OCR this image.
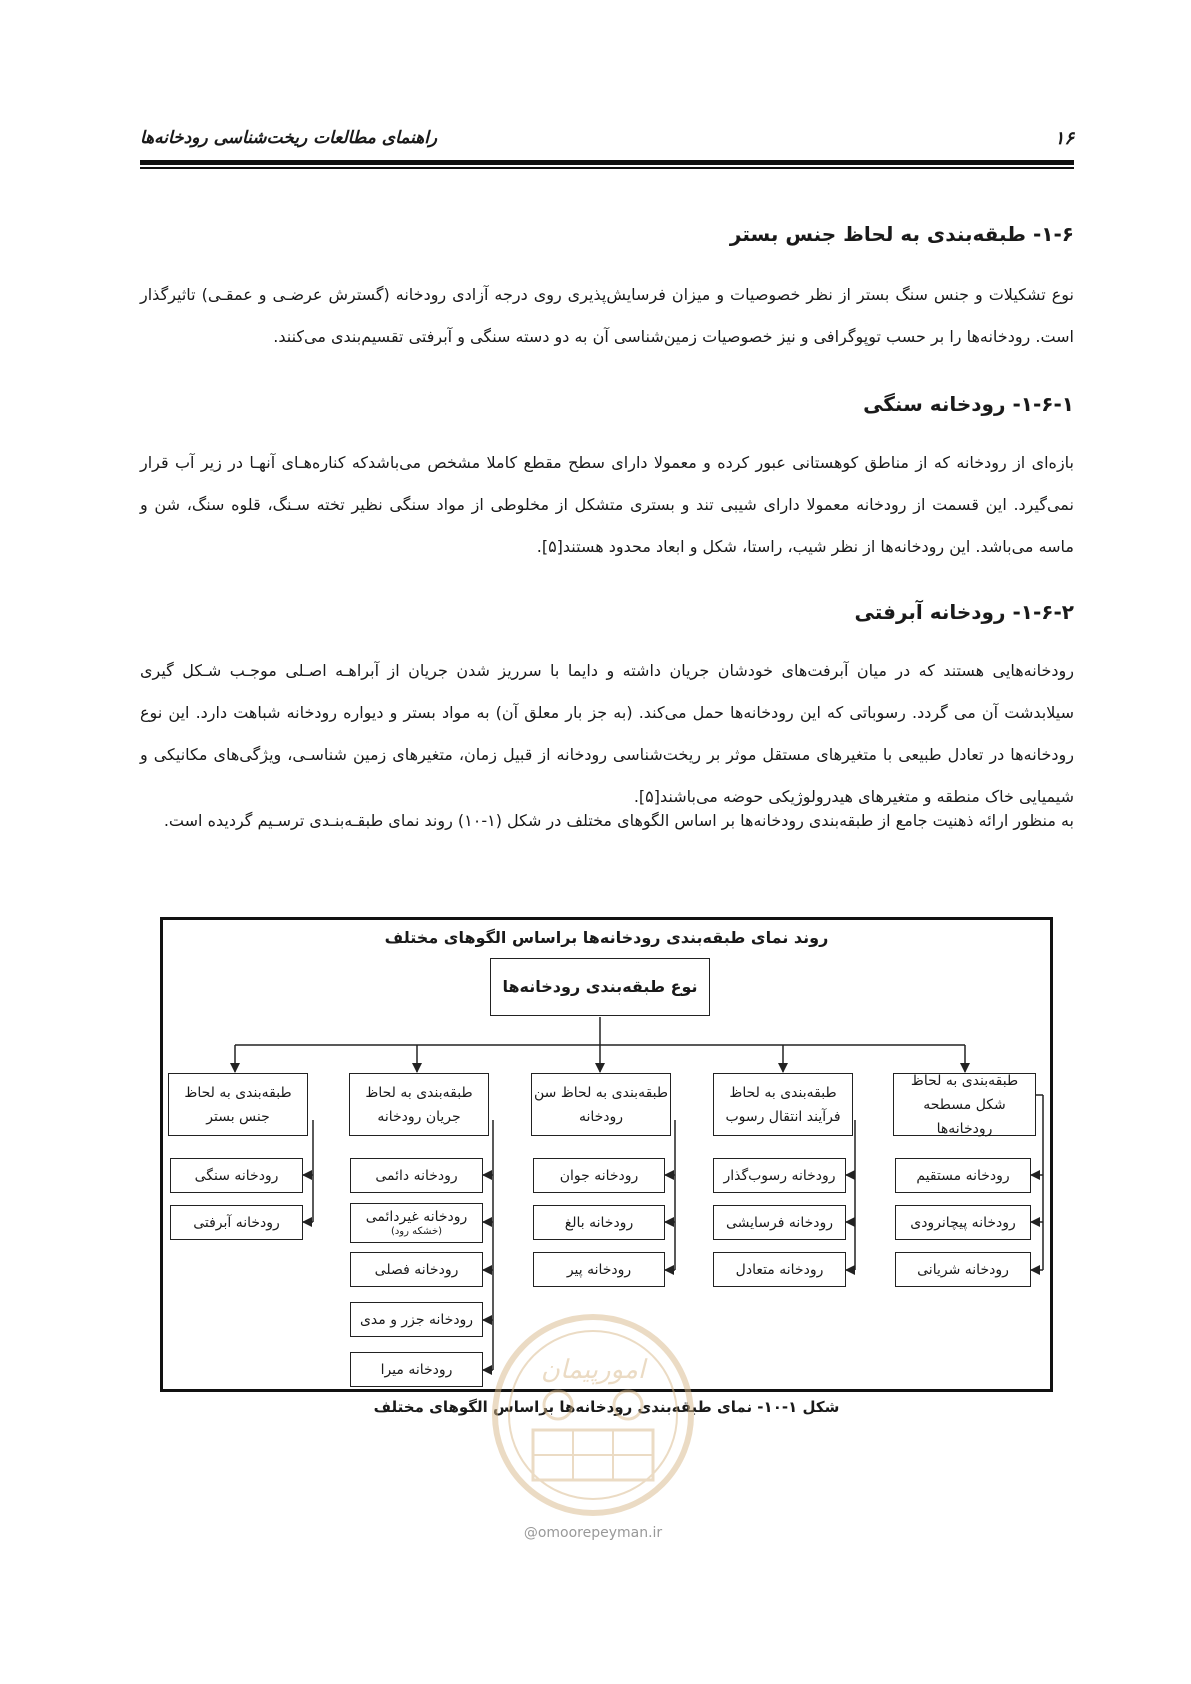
راهنمای مطالعات ریخت‌شناسی رودخانه‌ها	۱۶
۱-۶- طبقه‌بندی به لحاظ جنس بستر

نوع تشکیلات و جنس سنگ بستر از نظر خصوصیات و میزان فرسایش‌پذیری روی درجه آزادی رودخانه (گسترش عرضـی و عمقـی) تاثیرگذار است. رودخانه‌ها را بر حسب توپوگرافی و نیز خصوصیات زمین‌شناسی آن به دو دسته سنگی و آبرفتی تقسیم‌بندی می‌کنند.

۱-۶-۱- رودخانه سنگی

بازه‌ای از رودخانه که از مناطق کوهستانی عبور کرده و معمولا دارای سطح مقطع کاملا مشخص می‌باشدکه کناره‌هـای آنهـا در زیر آب قرار نمی‌گیرد. این قسمت از رودخانه معمولا دارای شیبی تند و بستری متشکل از مخلوطی از مواد سنگی نظیر تخته سـنگ، قلوه سنگ، شن و ماسه می‌باشد. این رودخانه‌ها از نظر شیب، راستا، شکل و ابعاد محدود هستند[۵].

۱-۶-۲- رودخانه آبرفتی

رودخانه‌هایی هستند که در میان آبرفت‌های خودشان جریان داشته و دایما با سرریز شدن جریان از آبراهـه اصـلی موجـب شـکل گیری سیلابدشت آن می گردد. رسوباتی که این رودخانه‌ها حمل می‌کند. (به جز بار معلق آن) به مواد بستر و دیواره رودخانه شباهت دارد. این نوع رودخانه‌ها در تعادل طبیعی با متغیرهای مستقل موثر بر ریخت‌شناسی رودخانه از قبیل زمان، متغیرهای زمین شناسـی، ویژگی‌های مکانیکی و شیمیایی خاک منطقه و متغیرهای هیدرولوژیکی حوضه می‌باشند[۵].

به منظور ارائه ذهنیت جامع از طبقه‌بندی رودخانه‌ها بر اساس الگوهای مختلف در شکل (۱-۱۰) روند نمای طبقـه‌بنـدی ترسـیم گردیده است.

روند نمای طبقه‌بندی رودخانه‌ها براساس الگوهای مختلف
نوع طبقه‌بندی رودخانه‌ها
طبقه‌بندی به لحاظ
شکل مسطحه رودخانه‌ها
رودخانه مستقیم
رودخانه پیچانرودی
رودخانه شریانی
طبقه‌بندی به لحاظ
فرآیند انتقال رسوب
رودخانه رسوب‌گذار
رودخانه فرسایشی
رودخانه متعادل
طبقه‌بندی به لحاظ سن
رودخانه
رودخانه جوان
رودخانه بالغ
رودخانه پیر
طبقه‌بندی به لحاظ
جریان رودخانه
رودخانه دائمی
رودخانه غیردائمی
(خشکه رود)
رودخانه فصلی
رودخانه جزر و مدی
رودخانه میرا
طبقه‌بندی به لحاظ
جنس بستر
رودخانه سنگی
رودخانه آبرفتی
شکل ۱-۱۰- نمای طبقه‌بندی رودخانه‌ها براساس الگوهای مختلف
امورپیمان
@omoorepeyman.ir
